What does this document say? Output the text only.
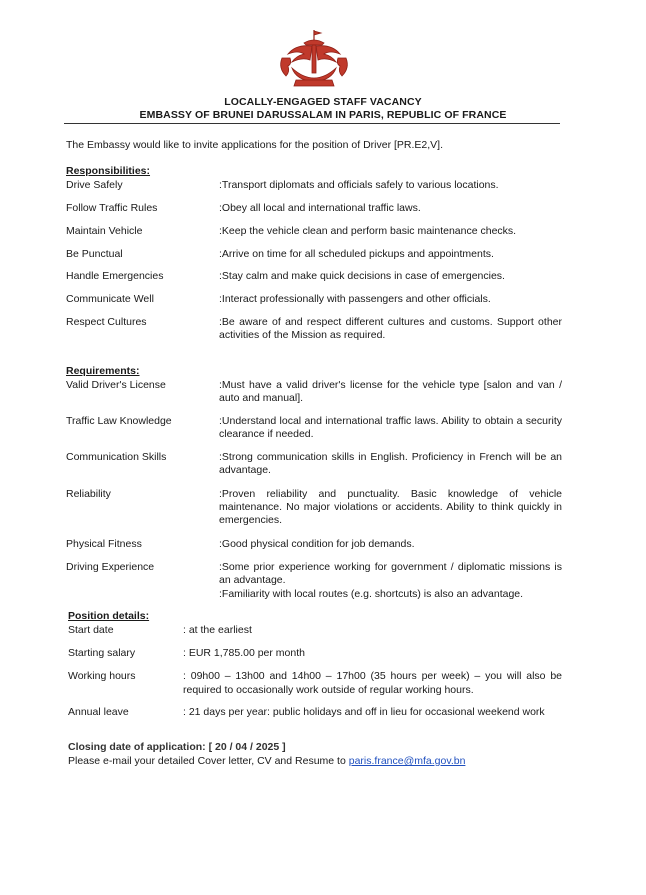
LOCALLY-ENGAGED STAFF VACANCY
EMBASSY OF BRUNEI DARUSSALAM IN PARIS, REPUBLIC OF FRANCE
The Embassy would like to invite applications for the position of Driver [PR.E2,V].
Responsibilities:
Drive Safely	:Transport diplomats and officials safely to various locations.
Follow Traffic Rules	:Obey all local and international traffic laws.
Maintain Vehicle	:Keep the vehicle clean and perform basic maintenance checks.
Be Punctual	:Arrive on time for all scheduled pickups and appointments.
Handle Emergencies	:Stay calm and make quick decisions in case of emergencies.
Communicate Well	:Interact professionally with passengers and other officials.
Respect Cultures	:Be aware of and respect different cultures and customs. Support other activities of the Mission as required.
Requirements:
Valid Driver's License	:Must have a valid driver's license for the vehicle type [salon and van / auto and manual].
Traffic Law Knowledge	:Understand local and international traffic laws. Ability to obtain a security clearance if needed.
Communication Skills	:Strong communication skills in English. Proficiency in French will be an advantage.
Reliability	:Proven reliability and punctuality. Basic knowledge of vehicle maintenance. No major violations or accidents. Ability to think quickly in emergencies.
Physical Fitness	:Good physical condition for job demands.
Driving Experience	:Some prior experience working for government / diplomatic missions is an advantage.
:Familiarity with local routes (e.g. shortcuts) is also an advantage.
Position details:
Start date	: at the earliest
Starting salary	: EUR 1,785.00 per month
Working hours	: 09h00 – 13h00 and 14h00 – 17h00 (35 hours per week) – you will also be required to occasionally work outside of regular working hours.
Annual leave	: 21 days per year: public holidays and off in lieu for occasional weekend work
Closing date of application: [ 20 / 04 / 2025 ]
Please e-mail your detailed Cover letter, CV and Resume to paris.france@mfa.gov.bn
